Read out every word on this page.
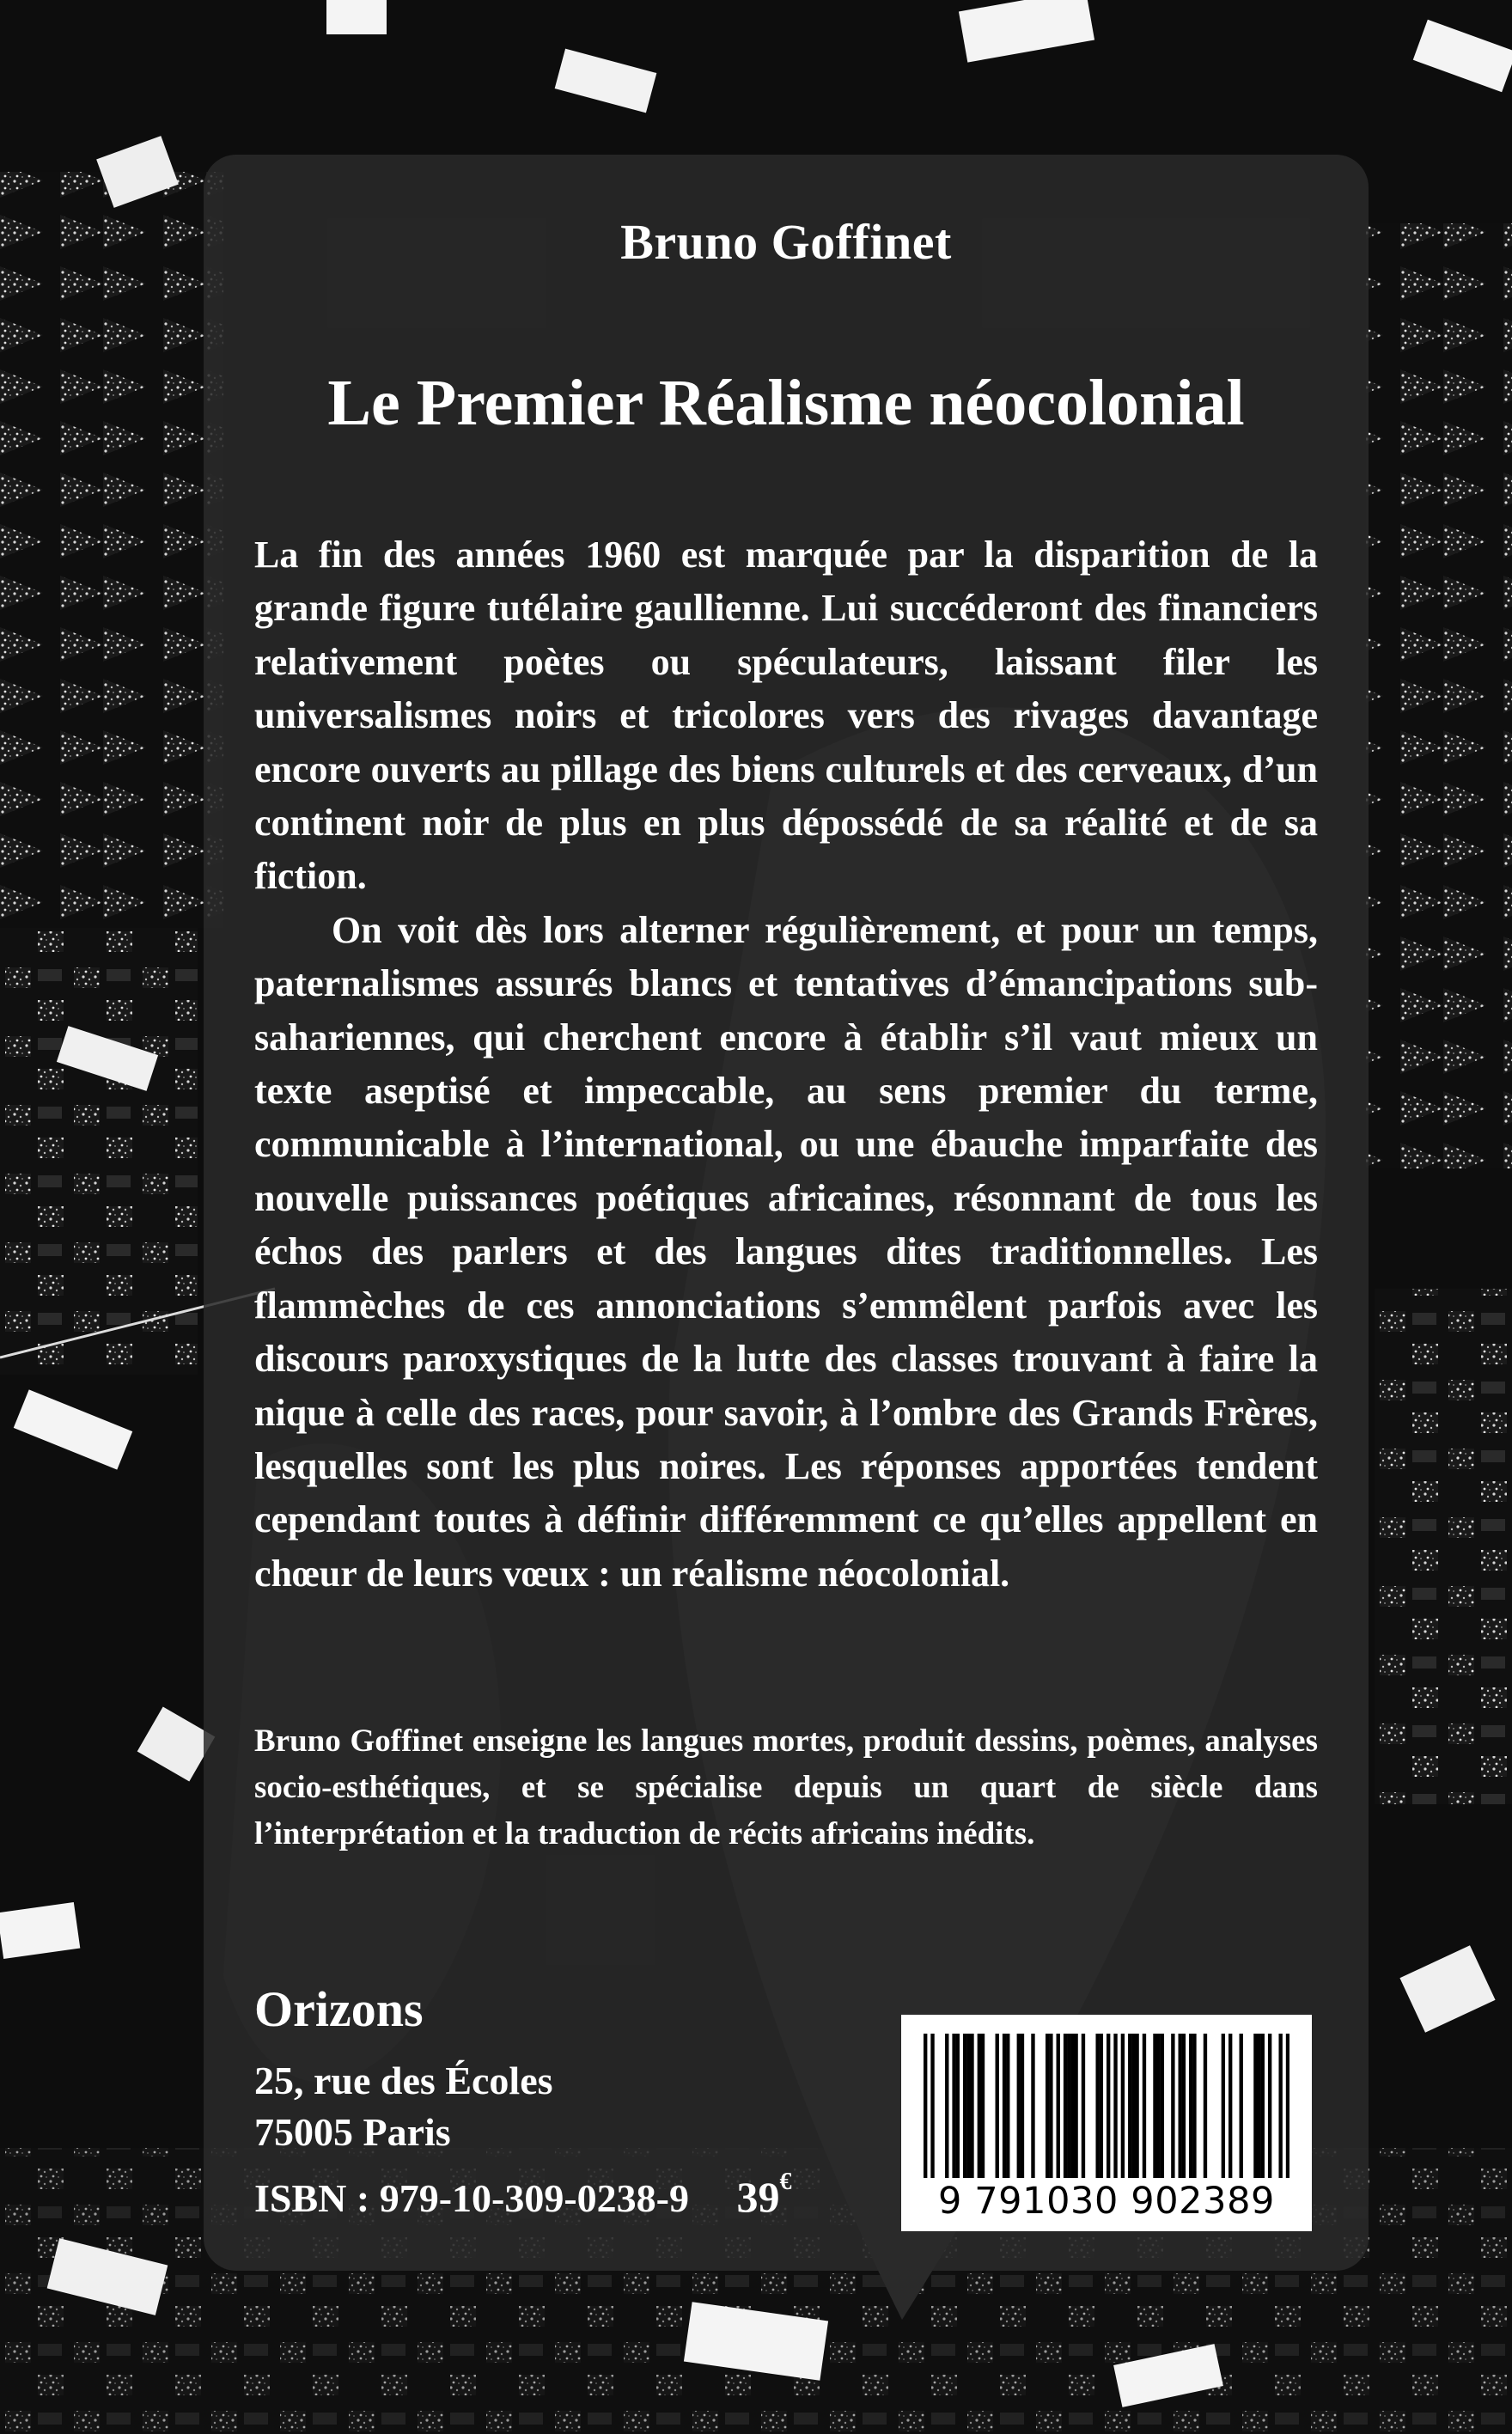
Bruno Goffinet
Le Premier Réalisme néocolonial

La fin des années 1960 est marquée par la disparition de la grande figure tutélaire gaullienne. Lui succéderont des financiers relativement poètes ou spéculateurs, laissant filer les universalismes noirs et tricolores vers des rivages davantage encore ouverts au pillage des biens culturels et des cerveaux, d’un continent noir de plus en plus dépossédé de sa réalité et de sa fiction.

On voit dès lors alterner régulièrement, et pour un temps, paternalismes assurés blancs et tentatives d’émancipations sub-sahariennes, qui cherchent encore à établir s’il vaut mieux un texte aseptisé et impeccable, au sens premier du terme, communicable à l’international, ou une ébauche imparfaite des nouvelle puissances poétiques africaines, résonnant de tous les échos des parlers et des langues dites traditionnelles. Les flammèches de ces annonciations s’emmêlent parfois avec les discours paroxystiques de la lutte des classes trouvant à faire la nique à celle des races, pour savoir, à l’ombre des Grands Frères, lesquelles sont les plus noires. Les réponses apportées tendent cependant toutes à définir différemment ce qu’elles appellent en chœur de leurs vœux : un réalisme néocolonial.

Bruno Goffinet enseigne les langues mortes, produit dessins, poèmes, analyses socio-esthétiques, et se spécialise depuis un quart de siècle dans l’interprétation et la traduction de récits africains inédits.
Orizons
25, rue des Écoles
75005 Paris
ISBN : 979-10-309-0238-9 39€	9 791030 902389
